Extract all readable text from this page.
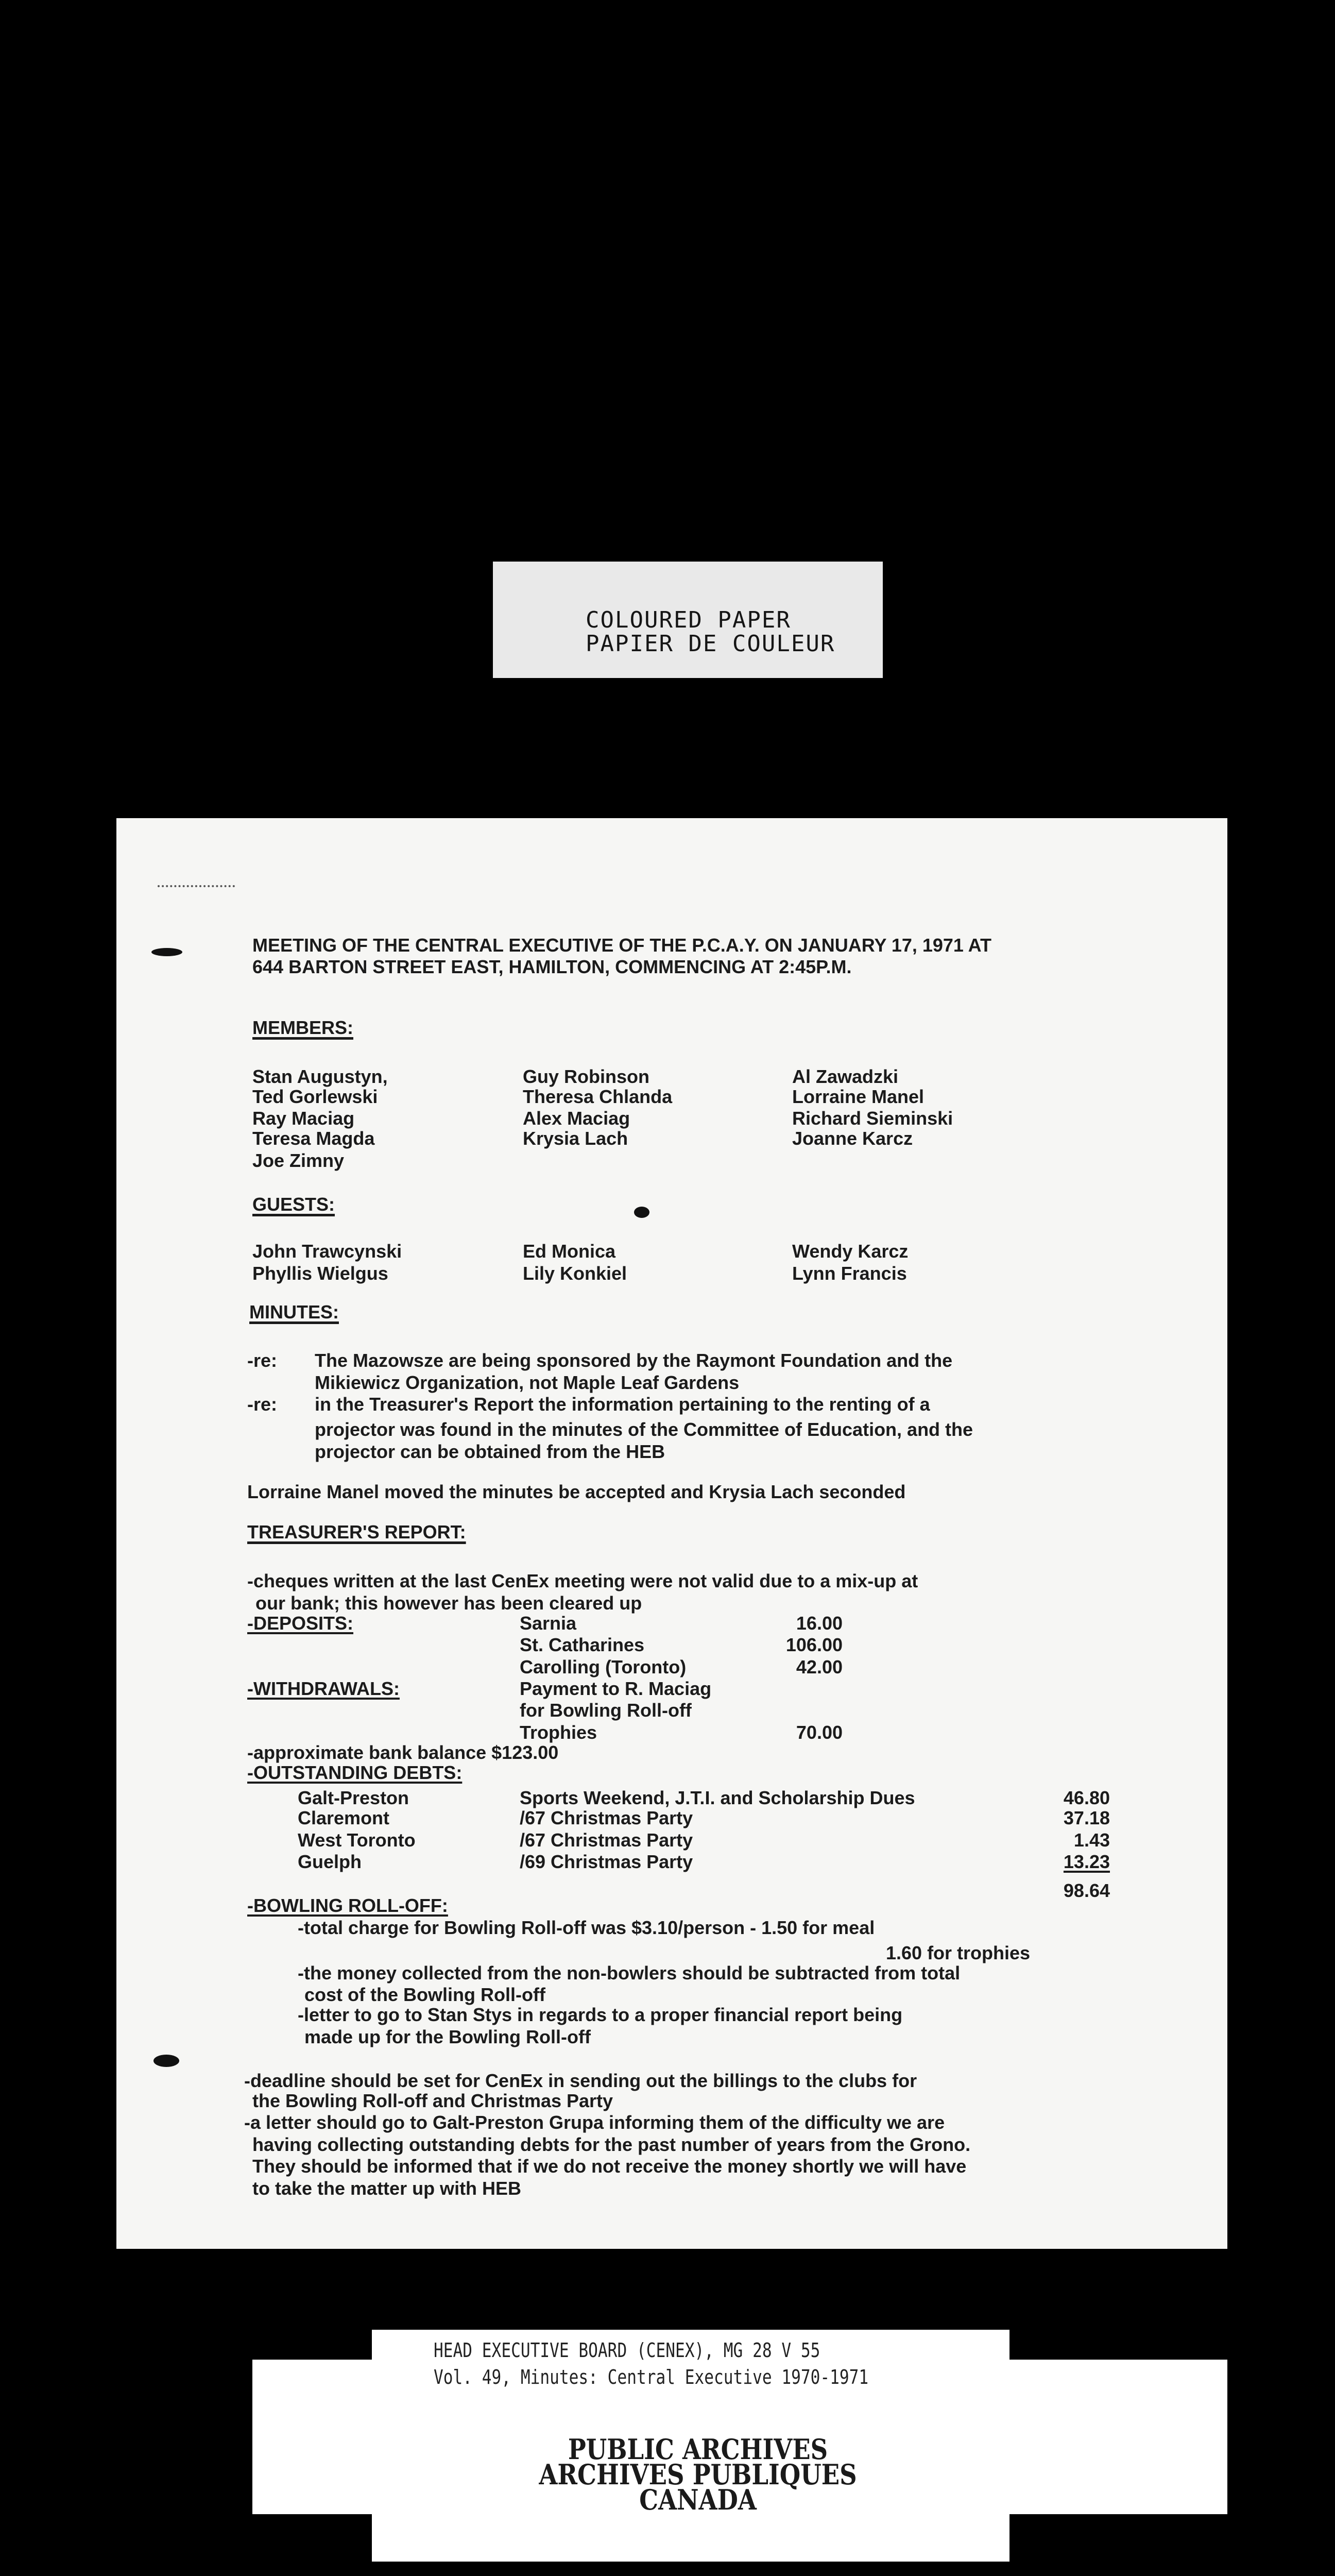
COLOURED PAPER
PAPIER DE COULEUR
MEETING OF THE CENTRAL EXECUTIVE OF THE P.C.A.Y. ON JANUARY 17, 1971 AT
644 BARTON STREET EAST, HAMILTON, COMMENCING AT 2:45P.M.
MEMBERS:
Stan Augustyn,	Guy Robinson	Al Zawadzki
Ted Gorlewski	Theresa Chlanda	Lorraine Manel
Ray Maciag	Alex Maciag	Richard Sieminski
Teresa Magda	Krysia Lach	Joanne Karcz
Joe Zimny
GUESTS:
John Trawcynski	Ed Monica	Wendy Karcz
Phyllis Wielgus	Lily Konkiel	Lynn Francis
MINUTES:
-re: The Mazowsze are being sponsored by the Raymont Foundation and the
Mikiewicz Organization, not Maple Leaf Gardens
-re: in the Treasurer's Report the information pertaining to the renting of a
projector was found in the minutes of the Committee of Education, and the
projector can be obtained from the HEB
Lorraine Manel moved the minutes be accepted and Krysia Lach seconded
TREASURER'S REPORT:
-cheques written at the last CenEx meeting were not valid due to a mix-up at
our bank; this however has been cleared up
-DEPOSITS:	Sarnia	16.00
St. Catharines	106.00
Carolling (Toronto)	42.00
-WITHDRAWALS:	Payment to R. Maciag
for Bowling Roll-off
Trophies	70.00
-approximate bank balance $123.00
-OUTSTANDING DEBTS:
Galt-Preston	Sports Weekend, J.T.I. and Scholarship Dues	46.80
Claremont	/67 Christmas Party	37.18
West Toronto	/67 Christmas Party	1.43
Guelph	/69 Christmas Party	13.23
98.64
-BOWLING ROLL-OFF:
-total charge for Bowling Roll-off was $3.10/person - 1.50 for meal
1.60 for trophies
-the money collected from the non-bowlers should be subtracted from total
cost of the Bowling Roll-off
-letter to go to Stan Stys in regards to a proper financial report being
made up for the Bowling Roll-off
-deadline should be set for CenEx in sending out the billings to the clubs for
the Bowling Roll-off and Christmas Party
-a letter should go to Galt-Preston Grupa informing them of the difficulty we are
having collecting outstanding debts for the past number of years from the Grono.
They should be informed that if we do not receive the money shortly we will have
to take the matter up with HEB
HEAD EXECUTIVE BOARD (CENEX), MG 28 V 55
Vol. 49, Minutes: Central Executive 1970-1971
PUBLIC ARCHIVES
ARCHIVES PUBLIQUES
CANADA
